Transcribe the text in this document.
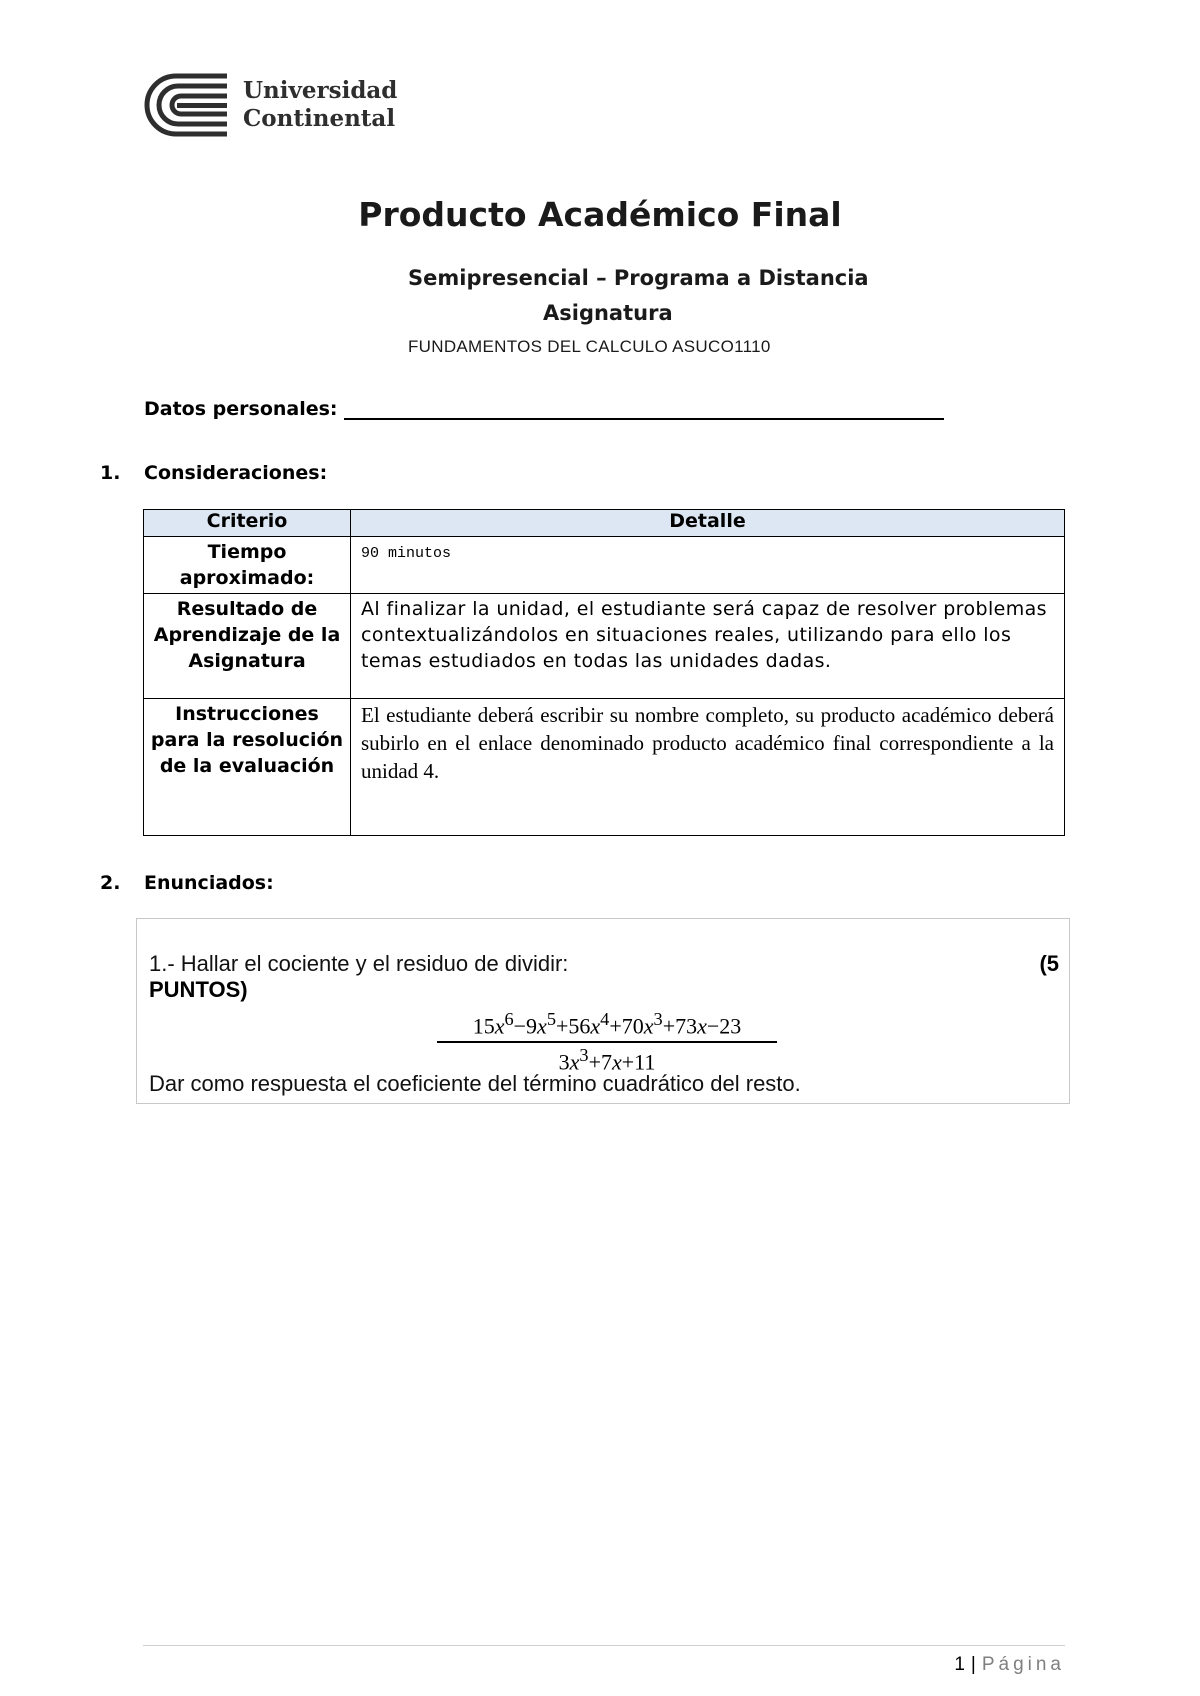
Universidad
Continental
Producto Académico Final
Semipresencial – Programa a Distancia
Asignatura
FUNDAMENTOS DEL CALCULO ASUCO1110
Datos personales:
1. Consideraciones:
Criterio	Detalle
Tiempo aproximado:	90 minutos

Resultado de Aprendizaje de la Asignatura	Al finalizar la unidad, el estudiante será capaz de resolver problemas contextualizándolos en situaciones reales, utilizando para ello los temas estudiados en todas las unidades dadas.

Instrucciones para la resolución de la evaluación	El estudiante deberá escribir su nombre completo, su producto académico deberá subirlo en el enlace denominado producto académico final correspondiente a la unidad 4.
2. Enunciados:
1.- Hallar el cociente y el residuo de dividir:	(5
PUNTOS)
$\frac{15x^6-9x^5+56x^4+70x^3+73x-23}{3x^3+7x+11}$
Dar como respuesta el coeficiente del término cuadrático del resto.
1 | Página
